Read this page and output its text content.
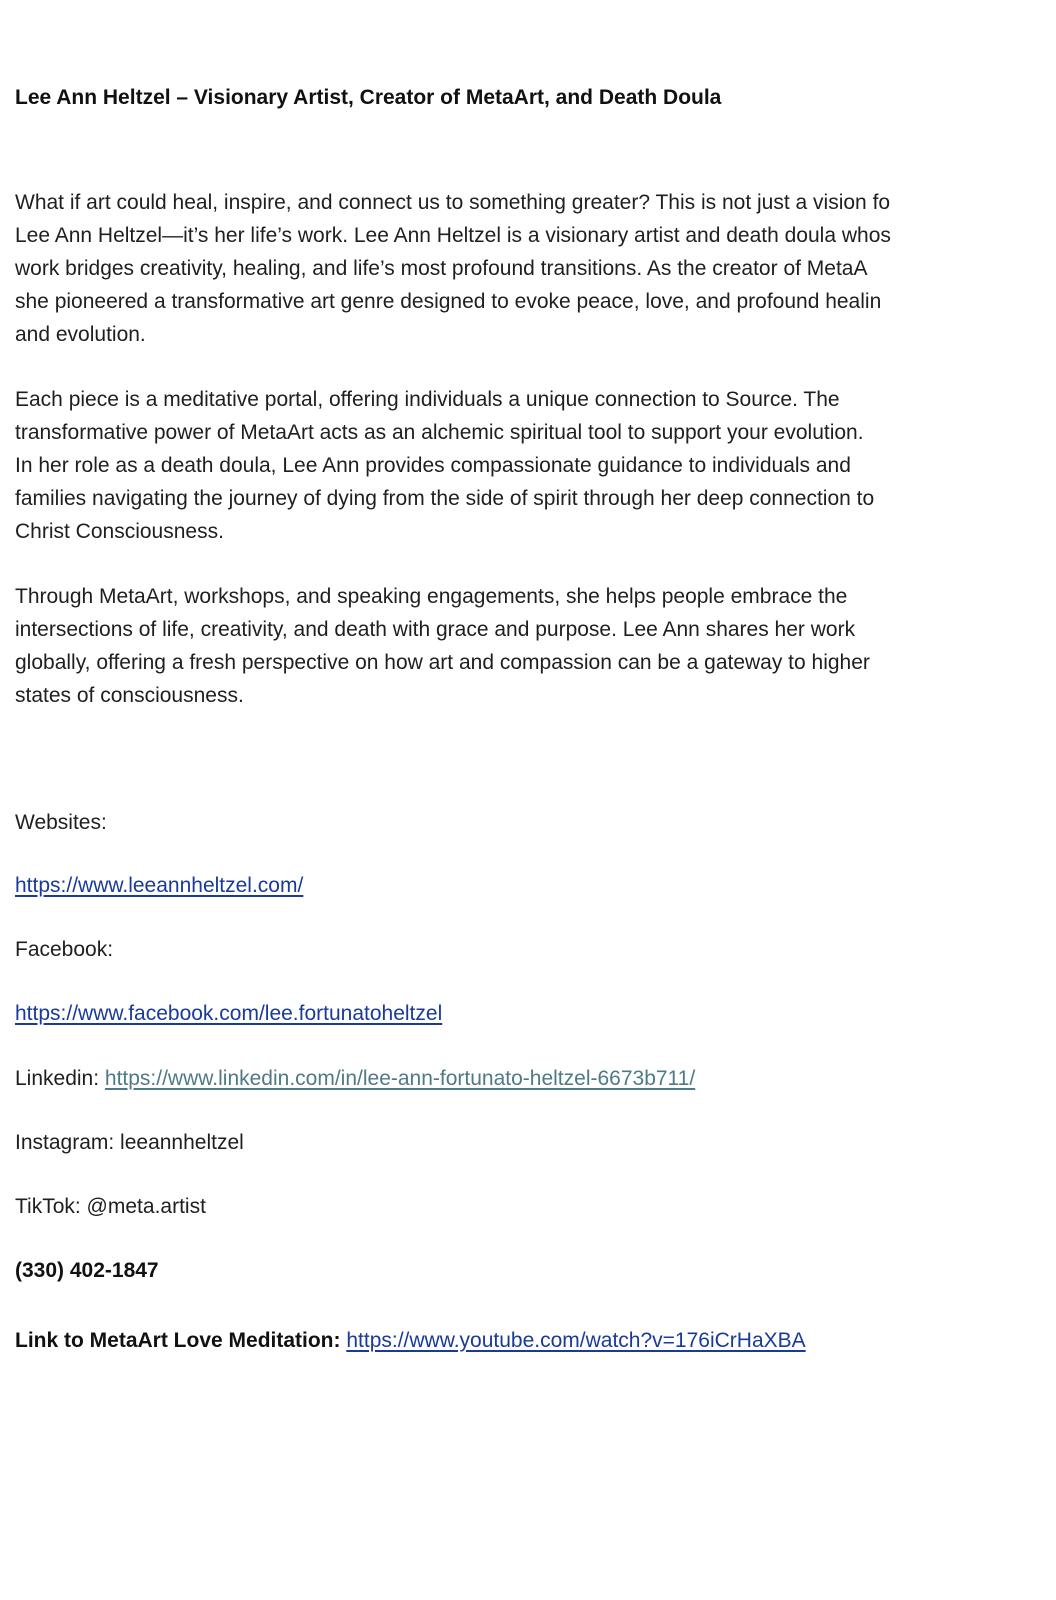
Lee Ann Heltzel – Visionary Artist, Creator of MetaArt, and Death Doula
What if art could heal, inspire, and connect us to something greater? This is not just a vision fo
Lee Ann Heltzel—it’s her life’s work. Lee Ann Heltzel is a visionary artist and death doula whos
work bridges creativity, healing, and life’s most profound transitions. As the creator of MetaA
she pioneered a transformative art genre designed to evoke peace, love, and profound healin
and evolution.
Each piece is a meditative portal, offering individuals a unique connection to Source. The
transformative power of MetaArt acts as an alchemic spiritual tool to support your evolution.
In her role as a death doula, Lee Ann provides compassionate guidance to individuals and
families navigating the journey of dying from the side of spirit through her deep connection to
Christ Consciousness.
Through MetaArt, workshops, and speaking engagements, she helps people embrace the
intersections of life, creativity, and death with grace and purpose. Lee Ann shares her work
globally, offering a fresh perspective on how art and compassion can be a gateway to higher
states of consciousness.
Websites:
https://www.leeannheltzel.com/
Facebook:
https://www.facebook.com/lee.fortunatoheltzel
Linkedin: https://www.linkedin.com/in/lee-ann-fortunato-heltzel-6673b711/
Instagram: leeannheltzel
TikTok: @meta.artist
(330) 402-1847
Link to MetaArt Love Meditation: https://www.youtube.com/watch?v=176iCrHaXBA
